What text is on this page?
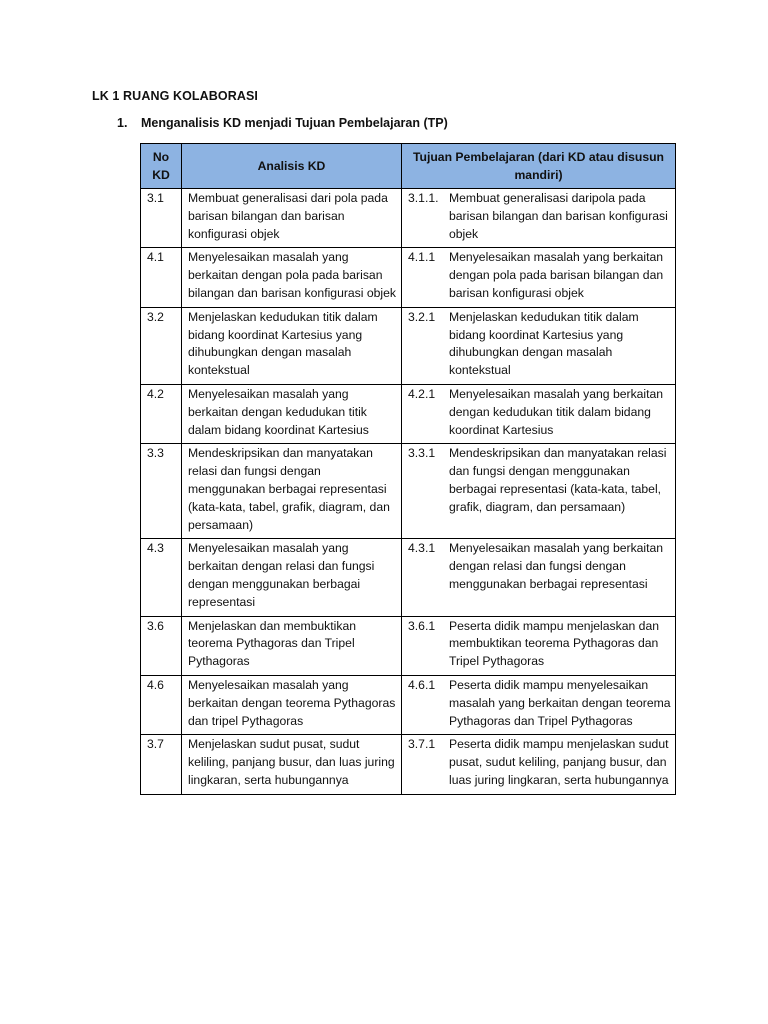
LK 1 RUANG KOLABORASI
1. Menganalisis KD menjadi Tujuan Pembelajaran (TP)
No KD	Analisis KD	Tujuan Pembelajaran (dari KD atau disusun mandiri)
3.1	Membuat generalisasi dari pola pada barisan bilangan dan barisan konfigurasi objek	3.1.1. Membuat generalisasi daripola pada barisan bilangan dan barisan konfigurasi objek

4.1	Menyelesaikan masalah yang berkaitan dengan pola pada barisan bilangan dan barisan konfigurasi objek	4.1.1 Menyelesaikan masalah yang berkaitan dengan pola pada barisan bilangan dan barisan konfigurasi objek

3.2	Menjelaskan kedudukan titik dalam bidang koordinat Kartesius yang dihubungkan dengan masalah kontekstual	3.2.1 Menjelaskan kedudukan titik dalam bidang koordinat Kartesius yang dihubungkan dengan masalah kontekstual

4.2	Menyelesaikan masalah yang berkaitan dengan kedudukan titik dalam bidang koordinat Kartesius	4.2.1 Menyelesaikan masalah yang berkaitan dengan kedudukan titik dalam bidang koordinat Kartesius

3.3	Mendeskripsikan dan manyatakan relasi dan fungsi dengan menggunakan berbagai representasi (kata-kata, tabel, grafik, diagram, dan persamaan)	3.3.1 Mendeskripsikan dan manyatakan relasi dan fungsi dengan menggunakan berbagai representasi (kata-kata, tabel, grafik, diagram, dan persamaan)

4.3	Menyelesaikan masalah yang berkaitan dengan relasi dan fungsi dengan menggunakan berbagai representasi	4.3.1 Menyelesaikan masalah yang berkaitan dengan relasi dan fungsi dengan menggunakan berbagai representasi

3.6	Menjelaskan dan membuktikan teorema Pythagoras dan Tripel Pythagoras	3.6.1 Peserta didik mampu menjelaskan dan membuktikan teorema Pythagoras dan Tripel Pythagoras

4.6	Menyelesaikan masalah yang berkaitan dengan teorema Pythagoras dan tripel Pythagoras	4.6.1 Peserta didik mampu menyelesaikan masalah yang berkaitan dengan teorema Pythagoras dan Tripel Pythagoras

3.7	Menjelaskan sudut pusat, sudut keliling, panjang busur, dan luas juring lingkaran, serta hubungannya	3.7.1 Peserta didik mampu menjelaskan sudut pusat, sudut keliling, panjang busur, dan luas juring lingkaran, serta hubungannya
